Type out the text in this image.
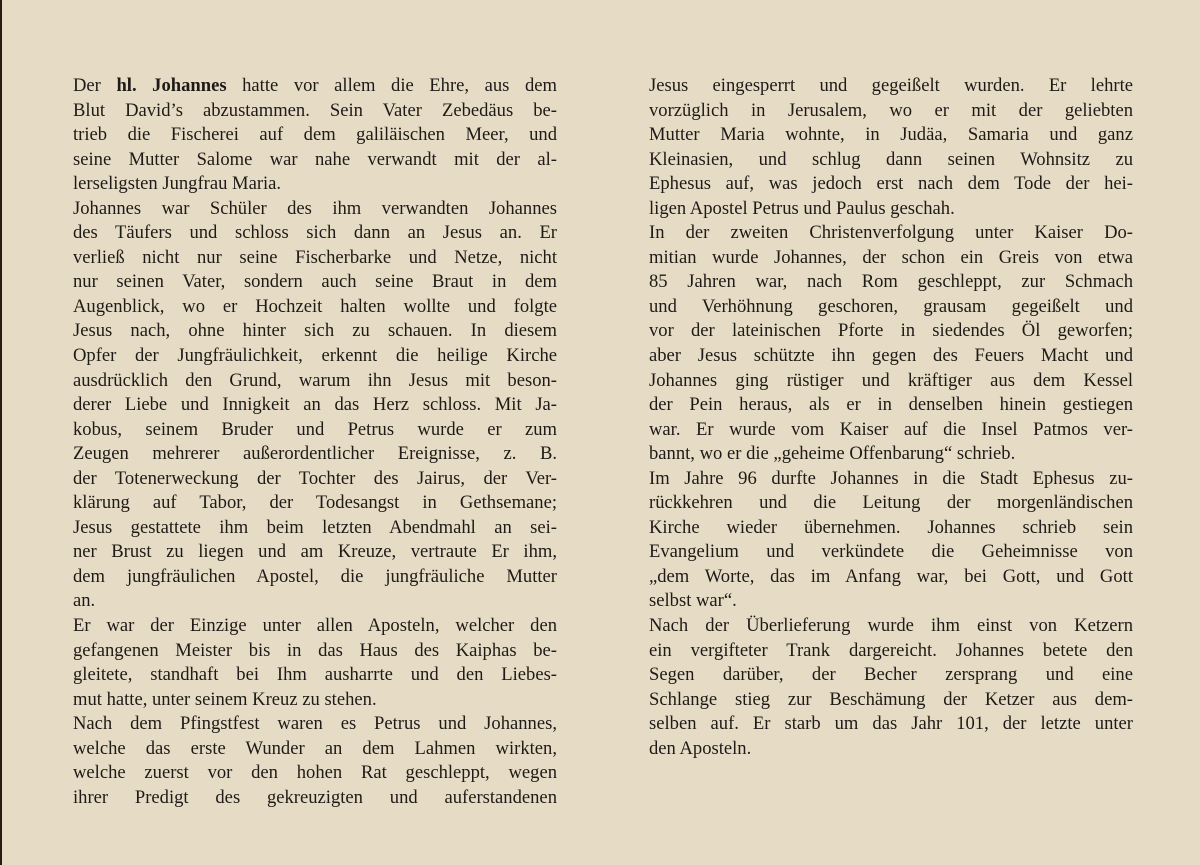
Der hl. Johannes hatte vor allem die Ehre, aus dem
Blut David’s abzustammen. Sein Vater Zebedäus be-
trieb die Fischerei auf dem galiläischen Meer, und
seine Mutter Salome war nahe verwandt mit der al-
lerseligsten Jungfrau Maria.
Johannes war Schüler des ihm verwandten Johannes
des Täufers und schloss sich dann an Jesus an. Er
verließ nicht nur seine Fischerbarke und Netze, nicht
nur seinen Vater, sondern auch seine Braut in dem
Augenblick, wo er Hochzeit halten wollte und folgte
Jesus nach, ohne hinter sich zu schauen. In diesem
Opfer der Jungfräulichkeit, erkennt die heilige Kirche
ausdrücklich den Grund, warum ihn Jesus mit beson-
derer Liebe und Innigkeit an das Herz schloss. Mit Ja-
kobus, seinem Bruder und Petrus wurde er zum
Zeugen mehrerer außerordentlicher Ereignisse, z. B.
der Totenerweckung der Tochter des Jairus, der Ver-
klärung auf Tabor, der Todesangst in Gethsemane;
Jesus gestattete ihm beim letzten Abendmahl an sei-
ner Brust zu liegen und am Kreuze, vertraute Er ihm,
dem jungfräulichen Apostel, die jungfräuliche Mutter
an.
Er war der Einzige unter allen Aposteln, welcher den
gefangenen Meister bis in das Haus des Kaiphas be-
gleitete, standhaft bei Ihm ausharrte und den Liebes-
mut hatte, unter seinem Kreuz zu stehen.
Nach dem Pfingstfest waren es Petrus und Johannes,
welche das erste Wunder an dem Lahmen wirkten,
welche zuerst vor den hohen Rat geschleppt, wegen
ihrer Predigt des gekreuzigten und auferstandenen
Jesus eingesperrt und gegeißelt wurden. Er lehrte
vorzüglich in Jerusalem, wo er mit der geliebten
Mutter Maria wohnte, in Judäa, Samaria und ganz
Kleinasien, und schlug dann seinen Wohnsitz zu
Ephesus auf, was jedoch erst nach dem Tode der hei-
ligen Apostel Petrus und Paulus geschah.
In der zweiten Christenverfolgung unter Kaiser Do-
mitian wurde Johannes, der schon ein Greis von etwa
85 Jahren war, nach Rom geschleppt, zur Schmach
und Verhöhnung geschoren, grausam gegeißelt und
vor der lateinischen Pforte in siedendes Öl geworfen;
aber Jesus schützte ihn gegen des Feuers Macht und
Johannes ging rüstiger und kräftiger aus dem Kessel
der Pein heraus, als er in denselben hinein gestiegen
war. Er wurde vom Kaiser auf die Insel Patmos ver-
bannt, wo er die „geheime Offenbarung“ schrieb.
Im Jahre 96 durfte Johannes in die Stadt Ephesus zu-
rückkehren und die Leitung der morgenländischen
Kirche wieder übernehmen. Johannes schrieb sein
Evangelium und verkündete die Geheimnisse von
„dem Worte, das im Anfang war, bei Gott, und Gott
selbst war“.
Nach der Überlieferung wurde ihm einst von Ketzern
ein vergifteter Trank dargereicht. Johannes betete den
Segen darüber, der Becher zersprang und eine
Schlange stieg zur Beschämung der Ketzer aus dem-
selben auf. Er starb um das Jahr 101, der letzte unter
den Aposteln.
